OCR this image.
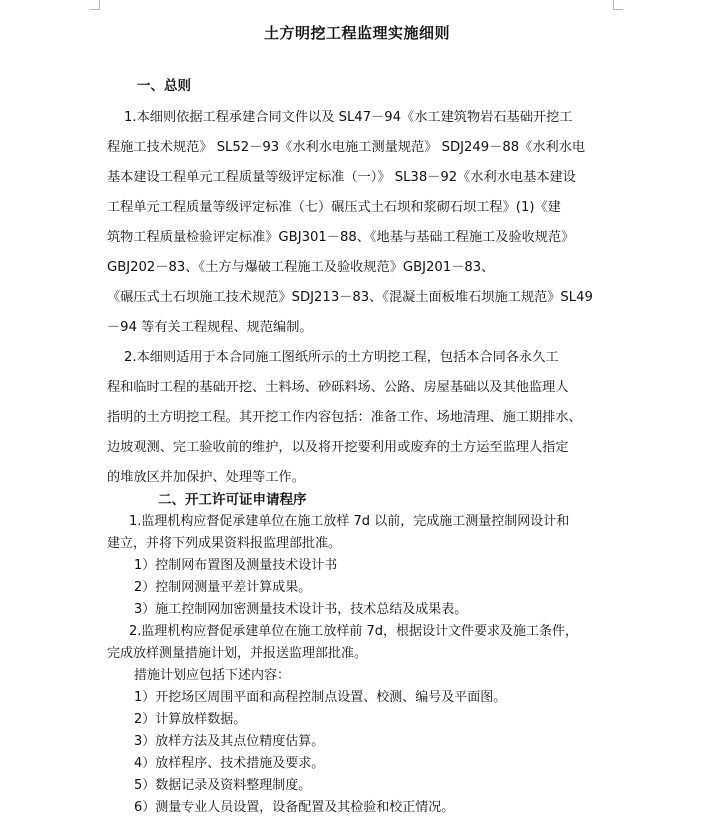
土方明挖工程监理实施细则
一、总则
1.本细则依据工程承建合同文件以及 SL47－94《水工建筑物岩石基础开挖工
程施工技术规范》 SL52－93《水利水电施工测量规范》 SDJ249－88《水利水电
基本建设工程单元工程质量等级评定标准（一）》 SL38－92《水利水电基本建设
工程单元工程质量等级评定标准（七）碾压式土石坝和浆砌石坝工程》(1)《建
筑物工程质量检验评定标准》GBJ301－88、《地基与基础工程施工及验收规范》
GBJ202－83、《土方与爆破工程施工及验收规范》GBJ201－83、
《碾压式土石坝施工技术规范》SDJ213－83、《混凝土面板堆石坝施工规范》SL49
－94 等有关工程规程、规范编制。
2.本细则适用于本合同施工图纸所示的土方明挖工程，包括本合同各永久工
程和临时工程的基础开挖、土料场、砂砾料场、公路、房屋基础以及其他监理人
指明的土方明挖工程。其开挖工作内容包括：准备工作、场地清理、施工期排水、
边坡观测、完工验收前的维护，以及将开挖要利用或废弃的土方运至监理人指定
的堆放区并加保护、处理等工作。
二、开工许可证申请程序
1.监理机构应督促承建单位在施工放样 7d 以前，完成施工测量控制网设计和
建立，并将下列成果资料报监理部批准。
1）控制网布置图及测量技术设计书
2）控制网测量平差计算成果。
3）施工控制网加密测量技术设计书，技术总结及成果表。
2.监理机构应督促承建单位在施工放样前 7d，根据设计文件要求及施工条件，
完成放样测量措施计划，并报送监理部批准。
措施计划应包括下述内容：
1）开挖场区周围平面和高程控制点设置、校测、编号及平面图。
2）计算放样数据。
3）放样方法及其点位精度估算。
4）放样程序、技术措施及要求。
5）数据记录及资料整理制度。
6）测量专业人员设置，设备配置及其检验和校正情况。
